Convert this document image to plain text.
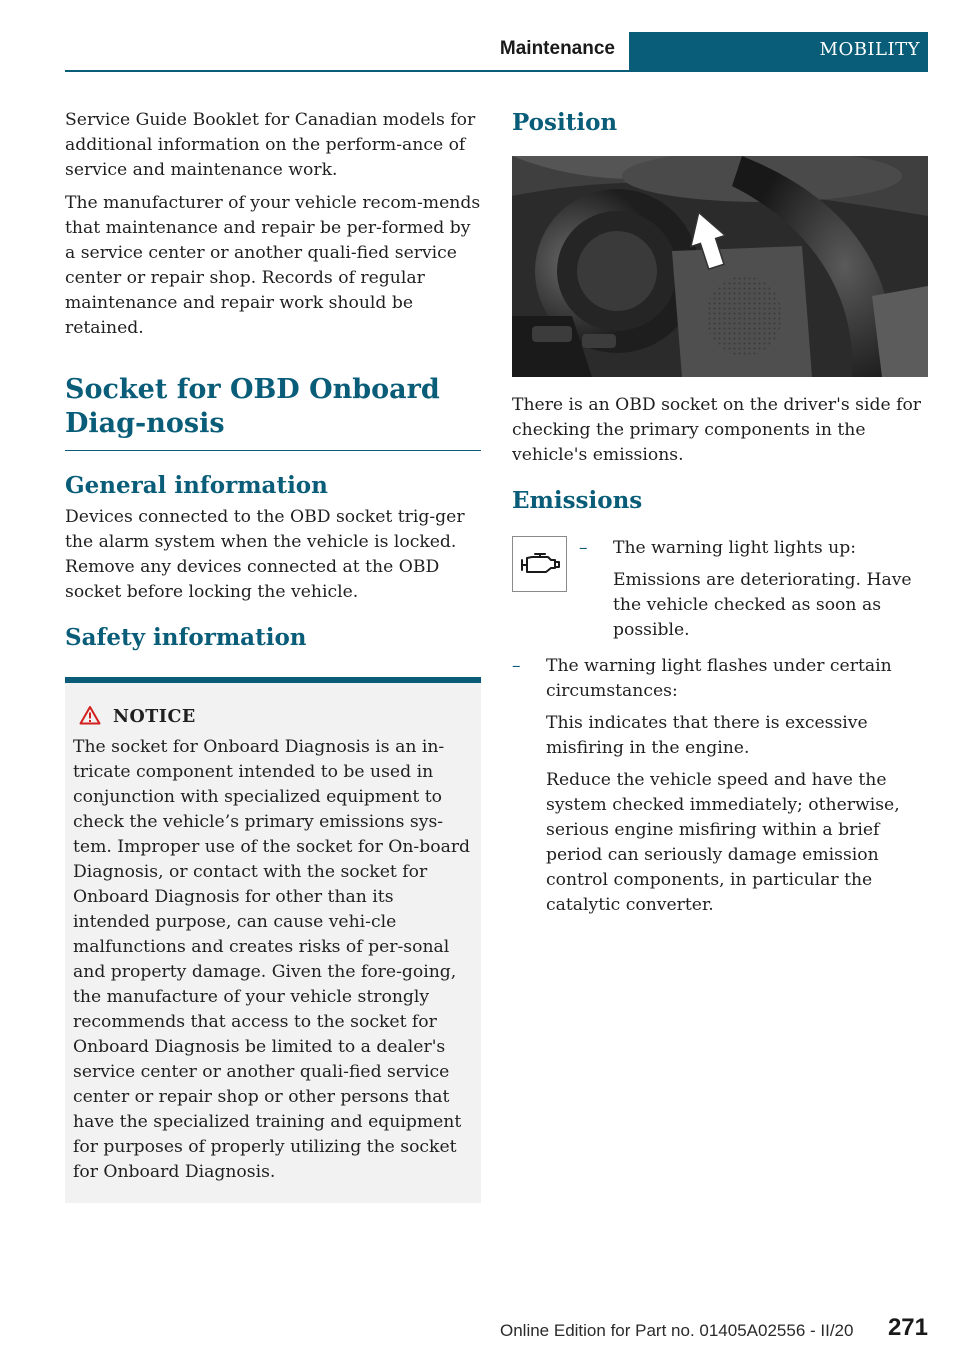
Maintenance	MOBILITY

Service Guide Booklet for Canadian models for additional information on the perform‐ance of service and maintenance work.

The manufacturer of your vehicle recom‐mends that maintenance and repair be per‐formed by a service center or another quali‐fied service center or repair shop. Records of regular maintenance and repair work should be retained.

Socket for OBD Onboard Diag‐nosis
General information

Devices connected to the OBD socket trig‐ger the alarm system when the vehicle is locked. Remove any devices connected at the OBD socket before locking the vehicle.

Safety information
NOTICE

The socket for Onboard Diagnosis is an in‐tricate component intended to be used in conjunction with specialized equipment to check the vehicle’s primary emissions sys‐tem. Improper use of the socket for On‐board Diagnosis, or contact with the socket for Onboard Diagnosis for other than its intended purpose, can cause vehi‐cle malfunctions and creates risks of per‐sonal and property damage. Given the fore‐going, the manufacture of your vehicle strongly recommends that access to the socket for Onboard Diagnosis be limited to a dealer's service center or another quali‐fied service center or repair shop or other persons that have the specialized training and equipment for purposes of properly utilizing the socket for Onboard Diagnosis.

Position

There is an OBD socket on the driver's side for checking the primary components in the vehicle's emissions.

Emissions
–	The warning light lights up:

Emissions are deteriorating. Have the vehicle checked as soon as possible.

–	The warning light flashes under certain circumstances:

This indicates that there is excessive misfiring in the engine.

Reduce the vehicle speed and have the system checked immediately; otherwise, serious engine misfiring within a brief period can seriously damage emission control components, in particular the catalytic converter.

Online Edition for Part no. 01405A02556 - II/20 271
